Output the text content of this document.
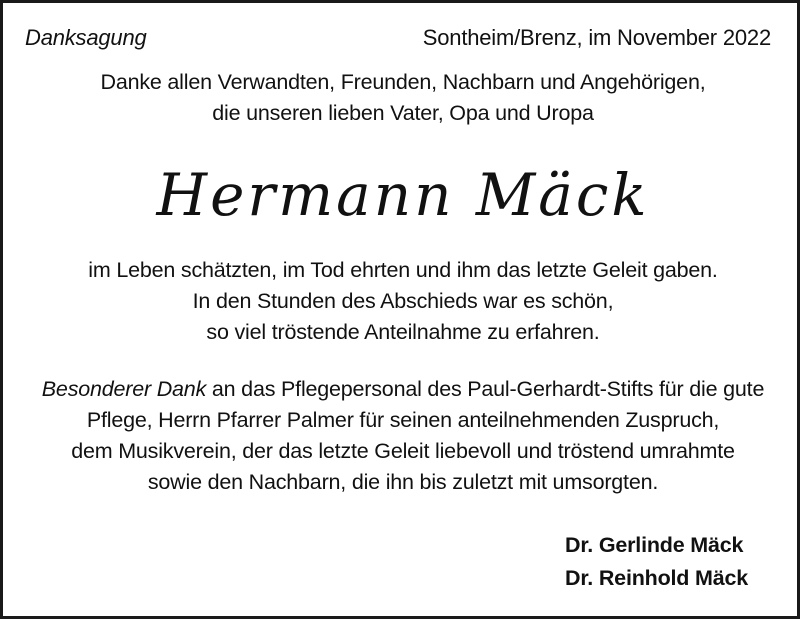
Danksagung	Sontheim/Brenz, im November 2022
Danke allen Verwandten, Freunden, Nachbarn und Angehörigen,
die unseren lieben Vater, Opa und Uropa
Hermann Mäck
im Leben schätzten, im Tod ehrten und ihm das letzte Geleit gaben.
In den Stunden des Abschieds war es schön,
so viel tröstende Anteilnahme zu erfahren.
Besonderer Dank an das Pflegepersonal des Paul-Gerhardt-Stifts für die gute
Pflege, Herrn Pfarrer Palmer für seinen anteilnehmenden Zuspruch,
dem Musikverein, der das letzte Geleit liebevoll und tröstend umrahmte
sowie den Nachbarn, die ihn bis zuletzt mit umsorgten.
Dr. Gerlinde Mäck
Dr. Reinhold Mäck
